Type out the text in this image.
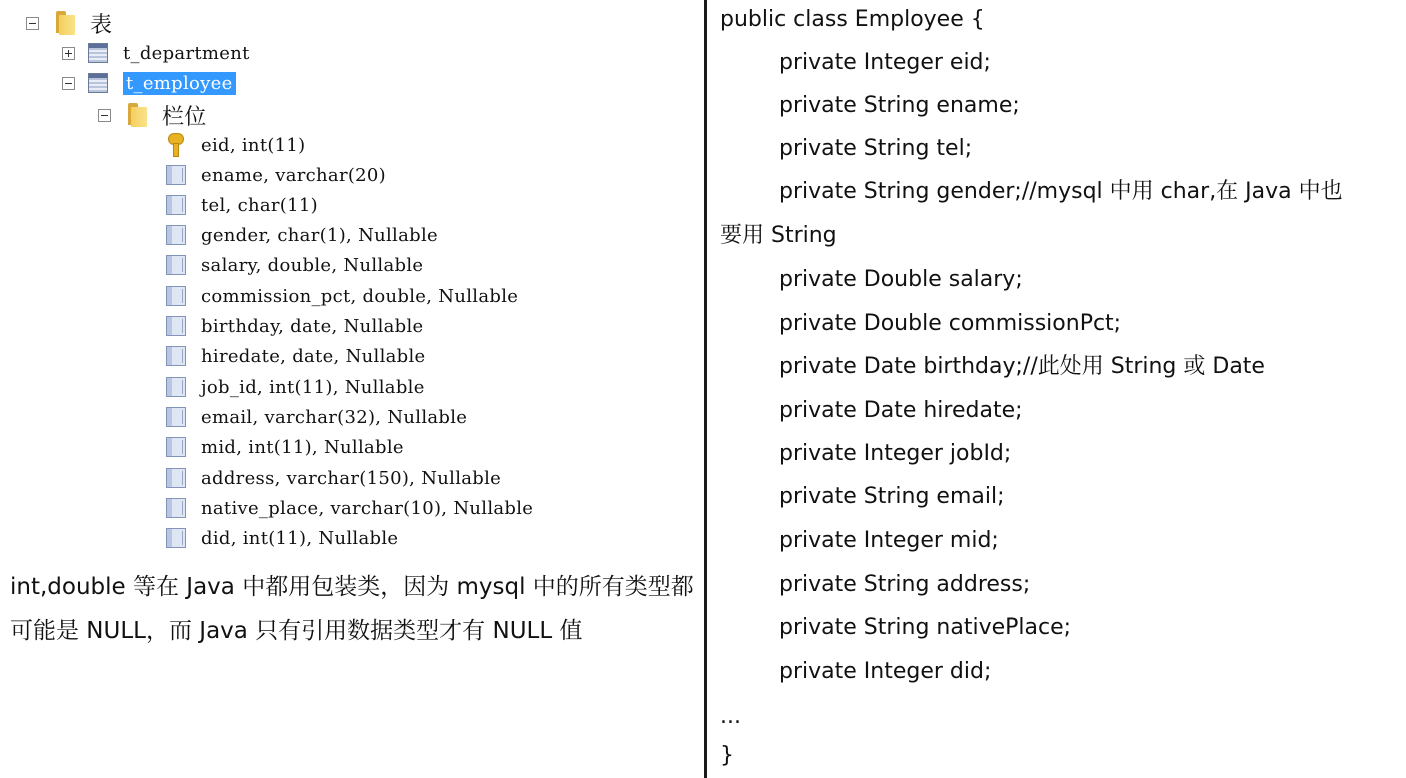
表
t_department
t_employee
栏位
eid, int(11)
ename, varchar(20)
tel, char(11)
gender, char(1), Nullable
salary, double, Nullable
commission_pct, double, Nullable
birthday, date, Nullable
hiredate, date, Nullable
job_id, int(11), Nullable
email, varchar(32), Nullable
mid, int(11), Nullable
address, varchar(150), Nullable
native_place, varchar(10), Nullable
did, int(11), Nullable
int,double 等在 Java 中都用包装类，因为 mysql 中的所有类型都可能是 NULL，而 Java 只有引用数据类型才有 NULL 值
public class Employee {
private Integer eid;
private String ename;
private String tel;
private String gender;//mysql 中用 char,在 Java 中也
要用 String
private Double salary;
private Double commissionPct;
private Date birthday;//此处用 String 或 Date
private Date hiredate;
private Integer jobId;
private String email;
private Integer mid;
private String address;
private String nativePlace;
private Integer did;
...
}
